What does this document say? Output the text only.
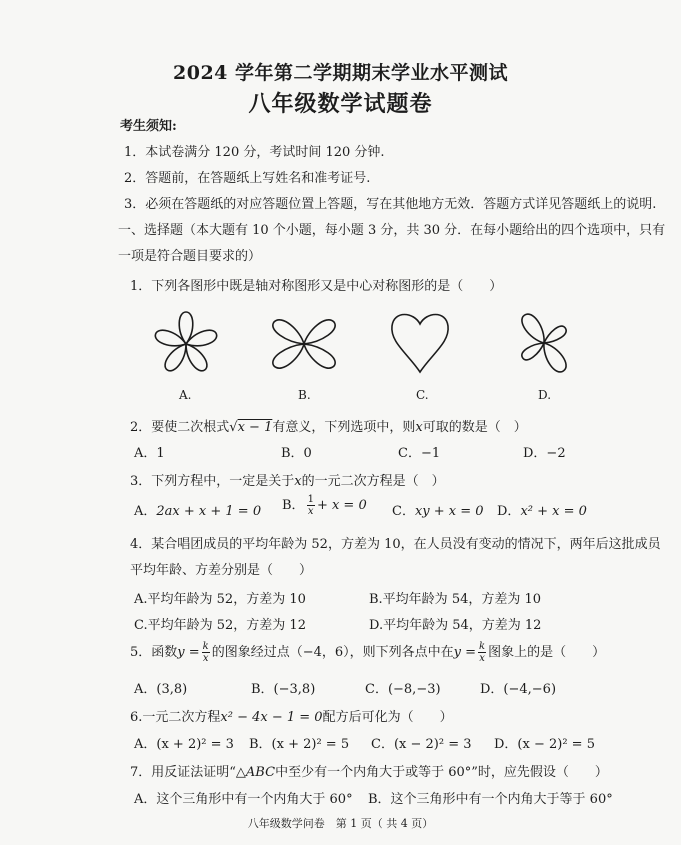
2024 学年第二学期期末学业水平测试
八年级数学试题卷
考生须知:
1．本试卷满分 120 分，考试时间 120 分钟.
2．答题前，在答题纸上写姓名和准考证号.
3．必须在答题纸的对应答题位置上答题，写在其他地方无效．答题方式详见答题纸上的说明.
一、选择题（本大题有 10 个小题，每小题 3 分，共 30 分．在每小题给出的四个选项中，只有
一项是符合题目要求的）
1．下列各图形中既是轴对称图形又是中心对称图形的是（　　）
A.	B.	C.	D.
2．要使二次根式√x − 1有意义，下列选项中，则x可取的数是（　）
A．1	B．0	C．−1	D．−2
3．下列方程中，一定是关于x的一元二次方程是（　）
A．2ax + x + 1 = 0 B． $\frac{1}{x} + x = 0$ C．xy + x = 0 D．x² + x = 0
4．某合唱团成员的平均年龄为 52，方差为 10，在人员没有变动的情况下，两年后这批成员
平均年龄、方差分别是（　　）
A.平均年龄为 52，方差为 10	B.平均年龄为 54，方差为 10
C.平均年龄为 52，方差为 12	D.平均年龄为 54，方差为 12
5．函数$y = \frac{k}{x}$ 的图象经过点（−4，6），则下列各点中在$y = \frac{k}{x}$ 图象上的是（　　）
A．(3,8)	B．(−3,8)	C．(−8,−3)	D．(−4,−6)
6.一元二次方程x² − 4x − 1 = 0配方后可化为（　　）
A．(x + 2)² = 3 B．(x + 2)² = 5 C．(x − 2)² = 3 D．(x − 2)² = 5
7．用反证法证明“△ABC中至少有一个内角大于或等于 60°”时，应先假设（　　）
A．这个三角形中有一个内角大于 60° B．这个三角形中有一个内角大于等于 60°
八年级数学问卷　第 1 页（ 共 4 页）
